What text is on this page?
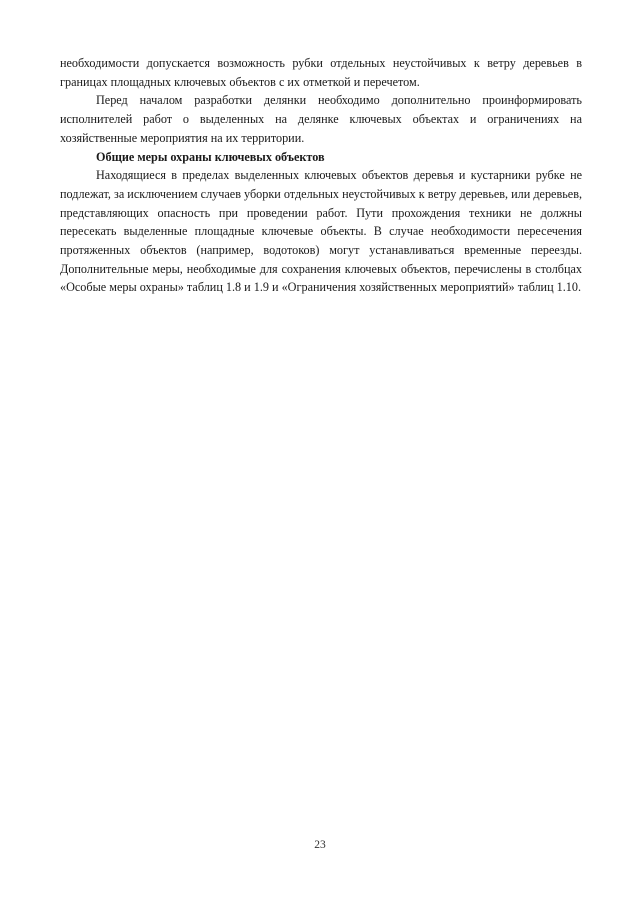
необходимости допускается возможность рубки отдельных неустойчивых к ветру деревьев в границах площадных ключевых объектов с их отметкой и перечетом.

Перед началом разработки делянки необходимо дополнительно проинформировать исполнителей работ о выделенных на делянке ключевых объектах и ограничениях на хозяйственные мероприятия на их территории.

Общие меры охраны ключевых объектов

Находящиеся в пределах выделенных ключевых объектов деревья и кустарники рубке не подлежат, за исключением случаев уборки отдельных неустойчивых к ветру деревьев, или деревьев, представляющих опасность при проведении работ. Пути прохождения техники не должны пересекать выделенные площадные ключевые объекты. В случае необходимости пересечения протяженных объектов (например, водотоков) могут устанавливаться временные переезды. Дополнительные меры, необходимые для сохранения ключевых объектов, перечислены в столбцах «Особые меры охраны» таблиц 1.8 и 1.9 и «Ограничения хозяйственных мероприятий» таблиц 1.10.

23
